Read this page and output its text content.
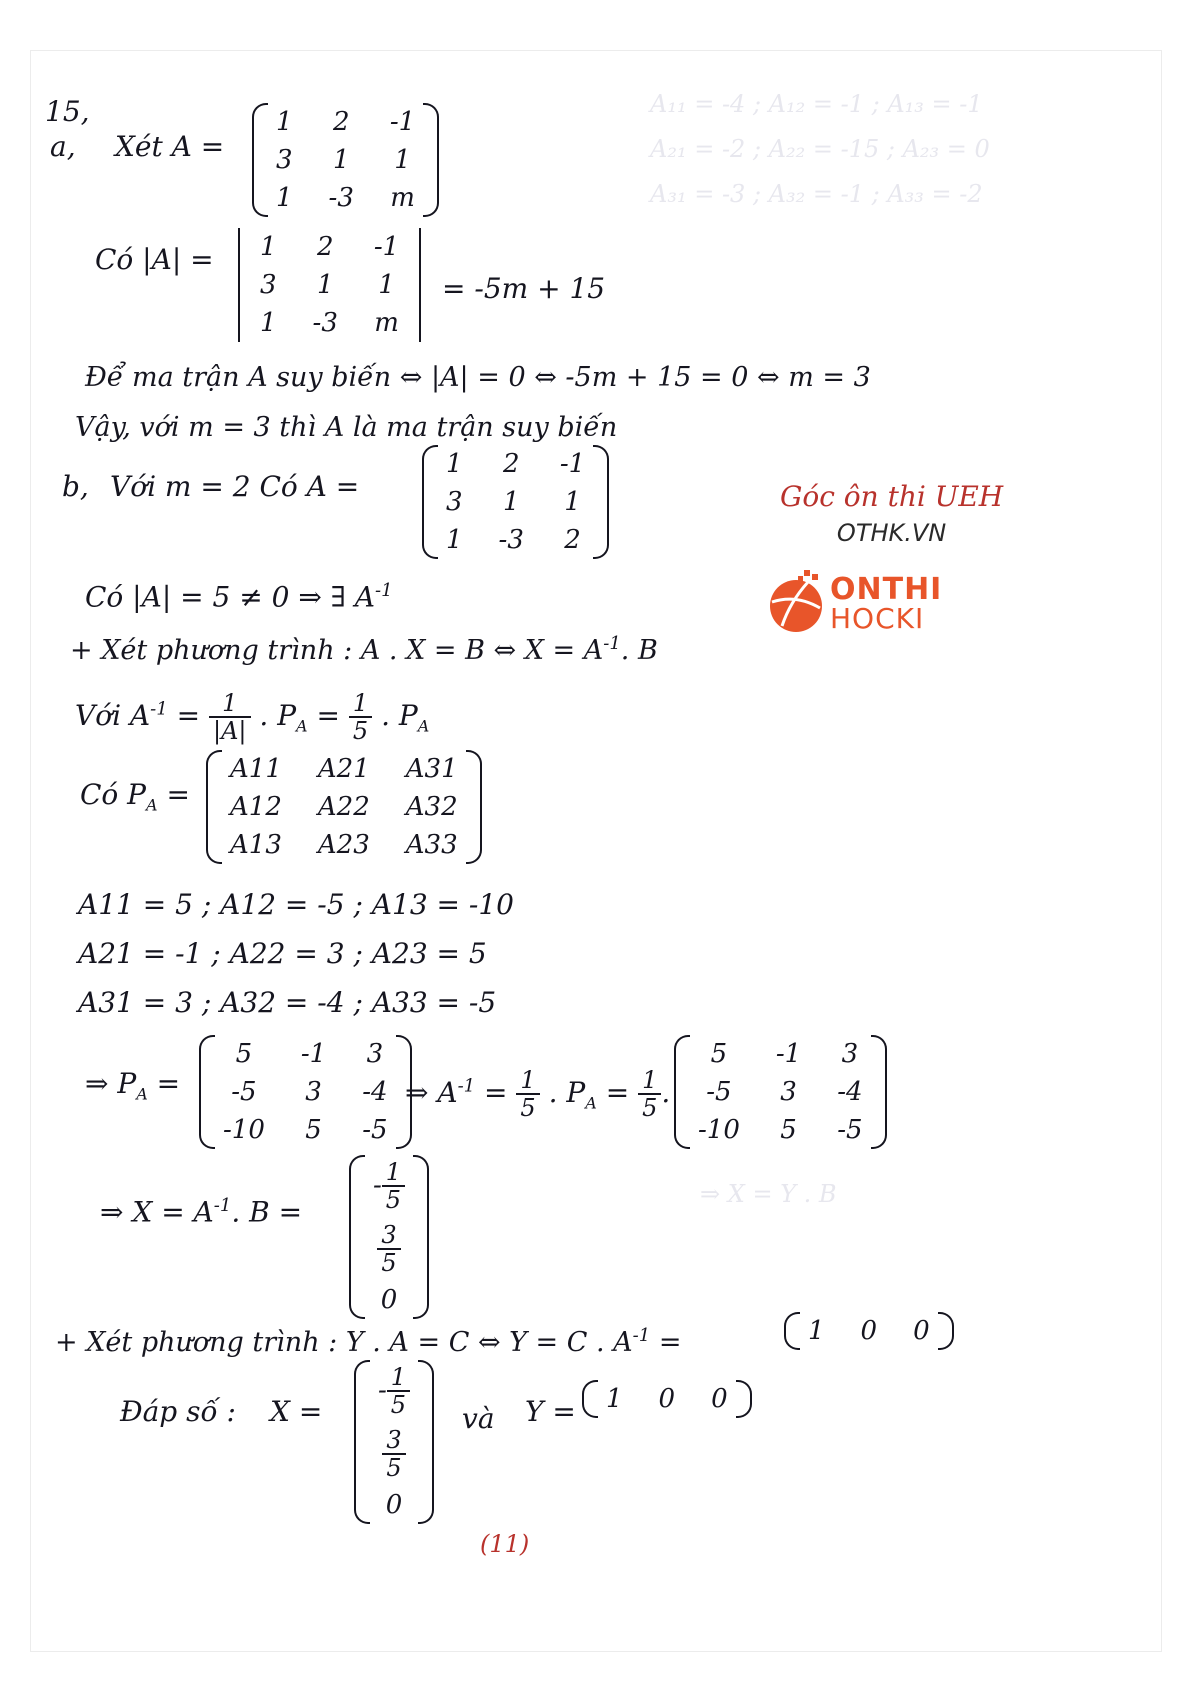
A₁₁ = -4 ; A₁₂ = -1 ; A₁₃ = -1
A₂₁ = -2 ; A₂₂ = -15 ; A₂₃ = 0
A₃₁ = -3 ; A₃₂ = -1 ; A₃₃ = -2
⇒ X = Y . B
15,
a, Xét A =
1	2	-1
3	1	1
1	-3	m
Có |A| = 1	2	-1
3	1	1
1	-3	m
= -5m + 15
Để ma trận A suy biến ⇔ |A| = 0 ⇔ -5m + 15 = 0 ⇔ m = 3
Vậy, với m = 3 thì A là ma trận suy biến
b, Với m = 2 Có A =
1	2	-1
3	1	1
1	-3	2
Có |A| = 5 ≠ 0 ⇒ ∃ $A^{-1}$
+ Xét phương trình : A . X = B ⇔ $X = A^{-1}$. B
Với $A^{-1} = \frac{1}{|A|}$ . $P_A = \frac{1}{5}$ . $P_A$
Có $P_A$ =
A11	A21	A31
A12	A22	A32
A13	A23	A33
A11 = 5 ; A12 = -5 ; A13 = -10
A21 = -1 ; A22 = 3 ; A23 = 5
A31 = 3 ; A32 = -4 ; A33 = -5
⇒ $P_A$ =
5	-1	3
-5	3	-4
-10	5	-5
⇒ $A^{-1} = \frac{1}{5}$ . $P_A = \frac{1}{5}$ .
5	-1	3
-5	3	-4
-10	5	-5
⇒ $X = A^{-1}$. B =
- $\frac{1}{5}$

$\frac{3}{5}$

0
+ Xét phương trình : Y . A = C ⇔ Y = C . $A^{-1}$ =	1	0	0
Đáp số : X =
- $\frac{1}{5}$

$\frac{3}{5}$

0
và Y = 1	0	0
Góc ôn thi UEH
OTHK.VN
ONTHI
HOCKI
(11)
